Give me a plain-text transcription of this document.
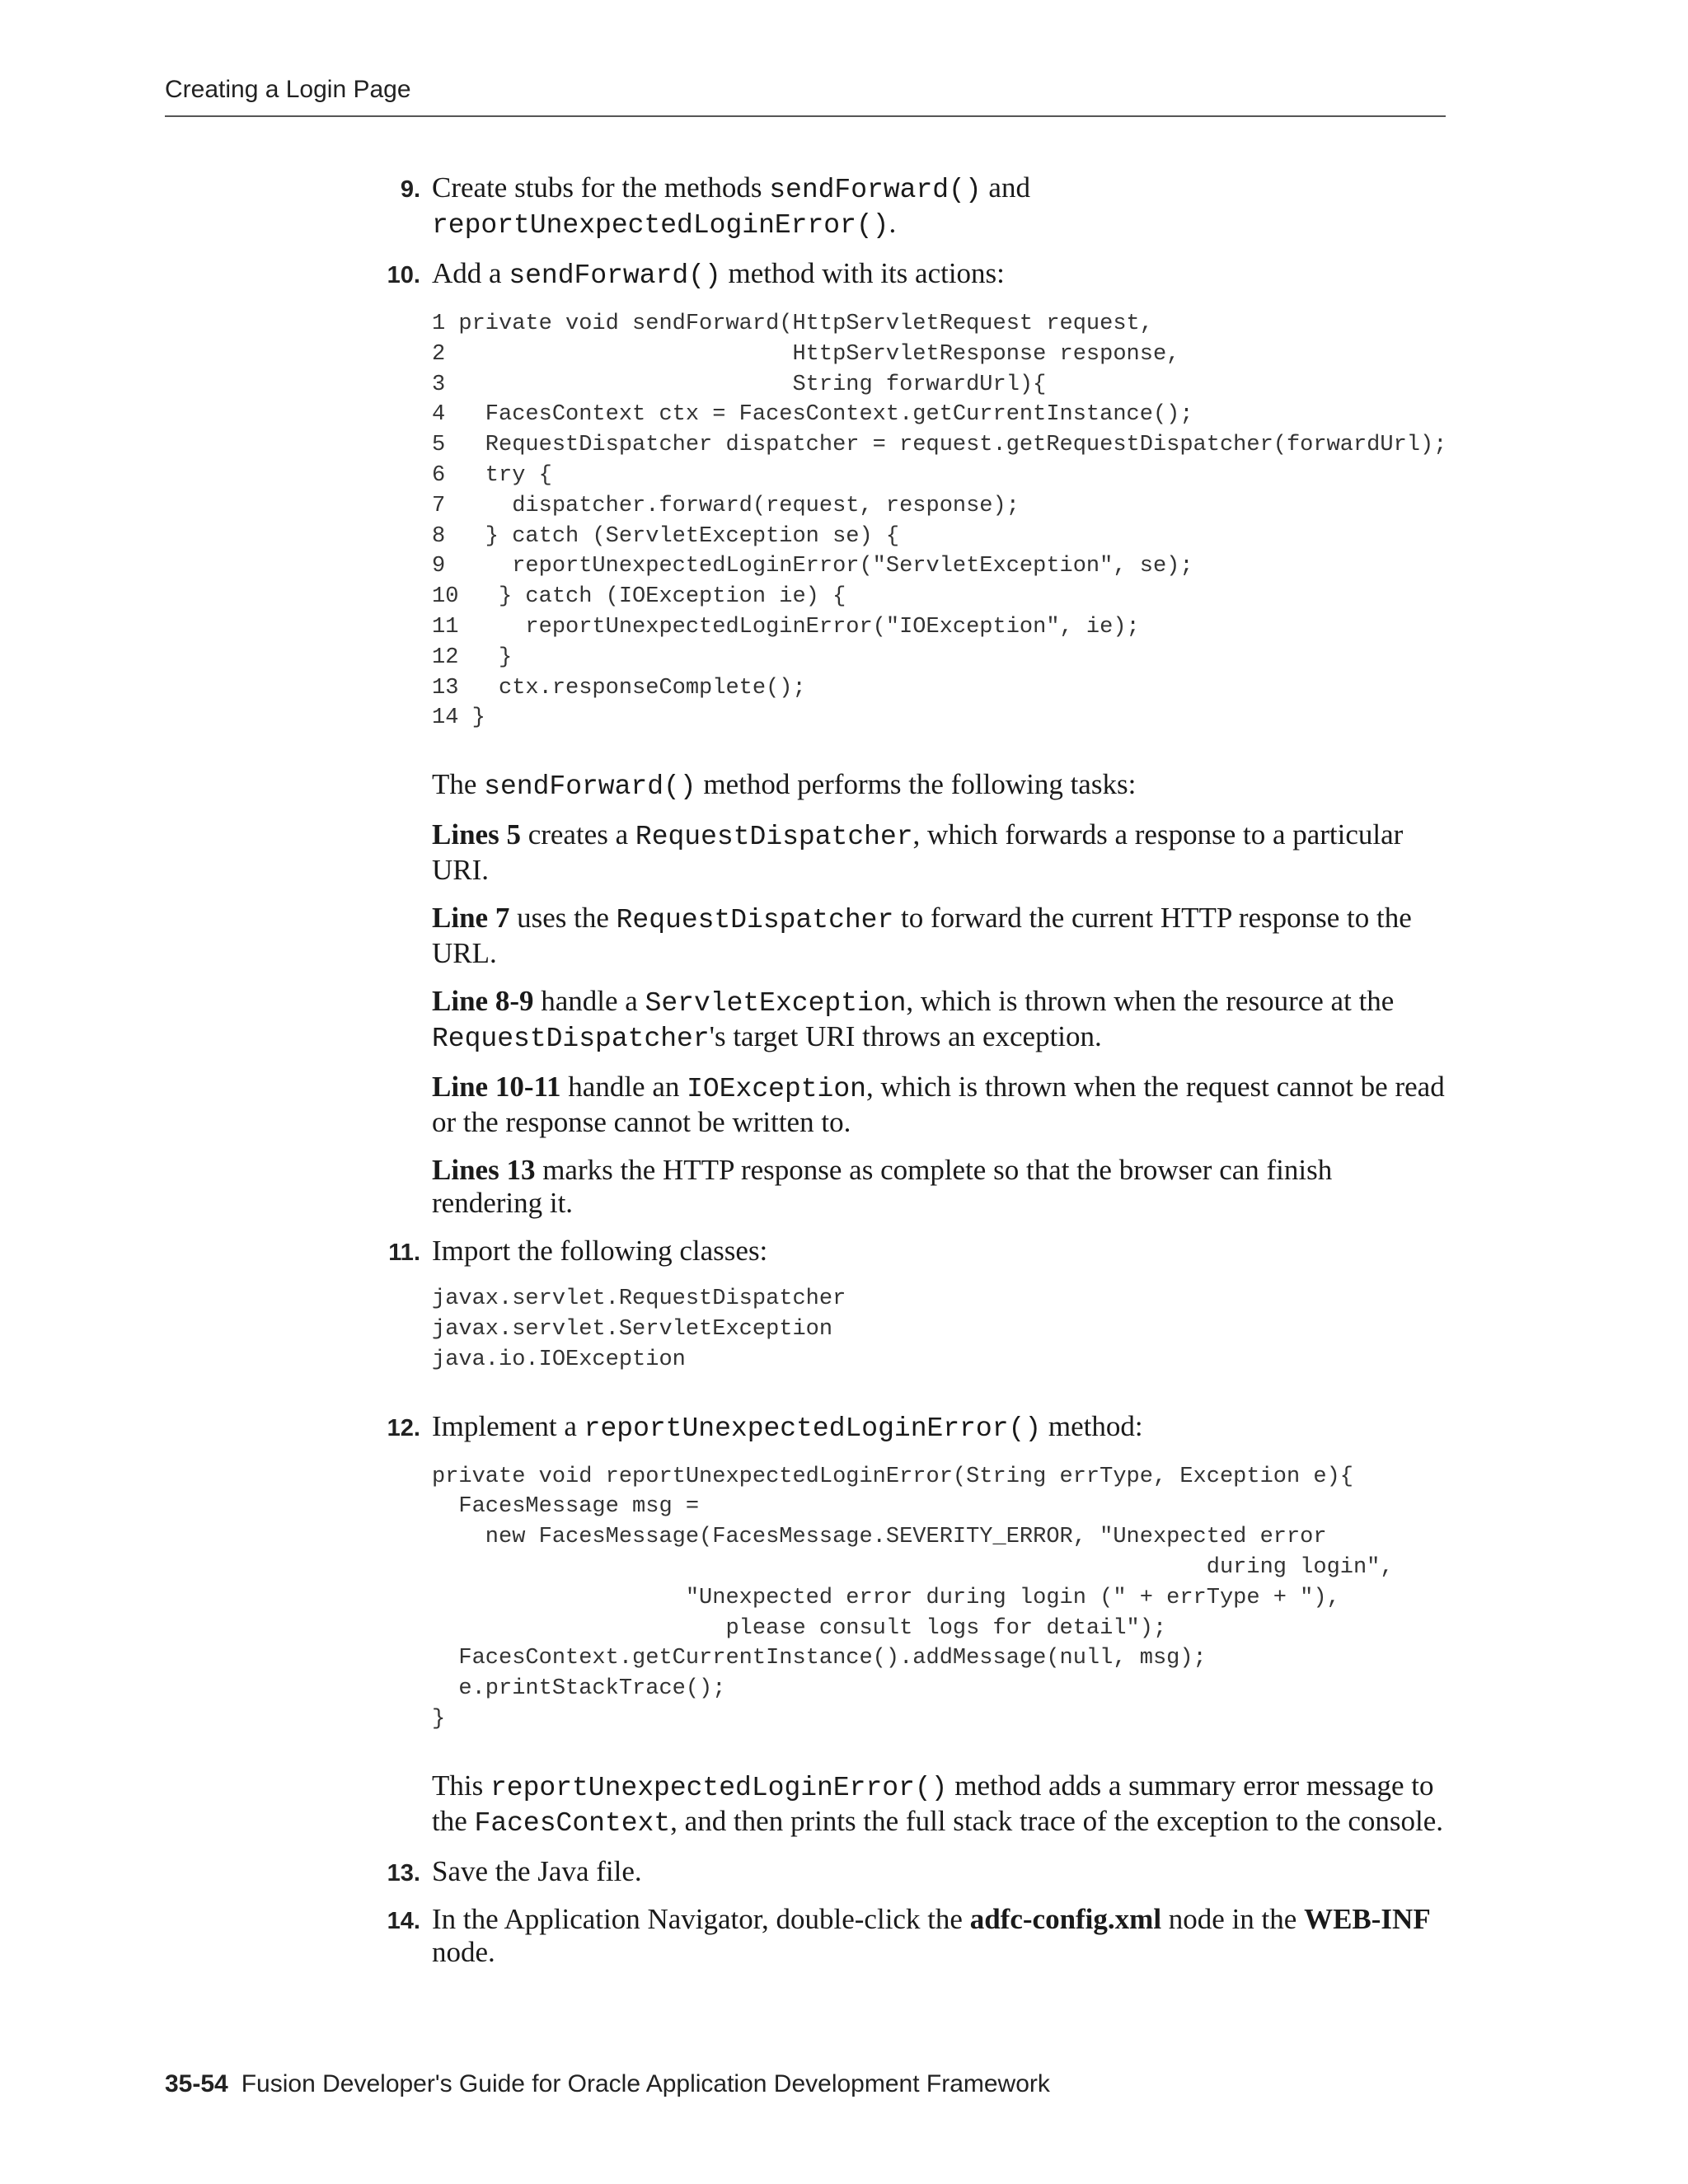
Creating a Login Page
9. Create stubs for the methods sendForward() and
reportUnexpectedLoginError().
10. Add a sendForward() method with its actions:
1 private void sendForward(HttpServletRequest request,
2                          HttpServletResponse response,
3                          String forwardUrl){
4   FacesContext ctx = FacesContext.getCurrentInstance();
5   RequestDispatcher dispatcher = request.getRequestDispatcher(forwardUrl);
6   try {
7     dispatcher.forward(request, response);
8   } catch (ServletException se) {
9     reportUnexpectedLoginError("ServletException", se);
10   } catch (IOException ie) {
11     reportUnexpectedLoginError("IOException", ie);
12   }
13   ctx.responseComplete();
14 }
The sendForward() method performs the following tasks:
Lines 5 creates a RequestDispatcher, which forwards a response to a particular URI.
Line 7 uses the RequestDispatcher to forward the current HTTP response to the URL.
Line 8-9 handle a ServletException, which is thrown when the resource at the RequestDispatcher's target URI throws an exception.
Line 10-11 handle an IOException, which is thrown when the request cannot be read or the response cannot be written to.
Lines 13 marks the HTTP response as complete so that the browser can finish rendering it.
11. Import the following classes:
javax.servlet.RequestDispatcher
javax.servlet.ServletException
java.io.IOException
12. Implement a reportUnexpectedLoginError() method:
private void reportUnexpectedLoginError(String errType, Exception e){
FacesMessage msg =
new FacesMessage(FacesMessage.SEVERITY_ERROR, "Unexpected error
during login",
"Unexpected error during login (" + errType + "),
please consult logs for detail");
FacesContext.getCurrentInstance().addMessage(null, msg);
e.printStackTrace();
}
This reportUnexpectedLoginError() method adds a summary error message to the FacesContext, and then prints the full stack trace of the exception to the console.
13. Save the Java file.
14. In the Application Navigator, double-click the adfc-config.xml node in the WEB-INF node.
35-54 Fusion Developer's Guide for Oracle Application Development Framework
